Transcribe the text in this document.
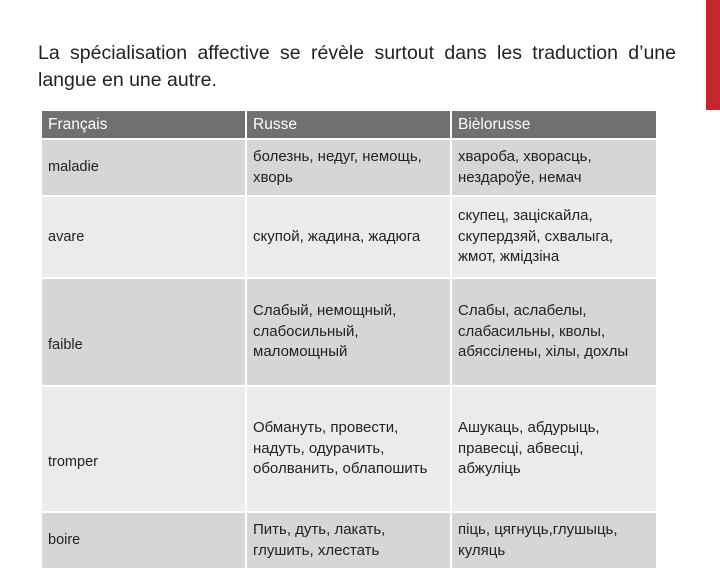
La spécialisation affective se révèle surtout dans les traduction d’une langue en une autre.
Français	Russe	Bièlorusse
maladie	болезнь, недуг, немощь, хворь	хвароба, хворасць, нездароўе, немач
avare	скупой, жадина, жадюга	скупец, зацiскайла, скупердзяй, схвалыга, жмот, жмiдзiна
faible	Слабый, немощный, слабосильный, маломощный	Слабы, аслабелы, слабасильны, кволы, абяссiлены, хiлы, дохлы
tromper	Обмануть, провести, надуть, одурачить, оболванить, облапошить	Ашукаць, абдурыць, правесцi, абвесцi, абжулiць
boire	Пить, дуть, лакать, глушить, хлестать	пiць, цягнуць,глушыць, куляць
